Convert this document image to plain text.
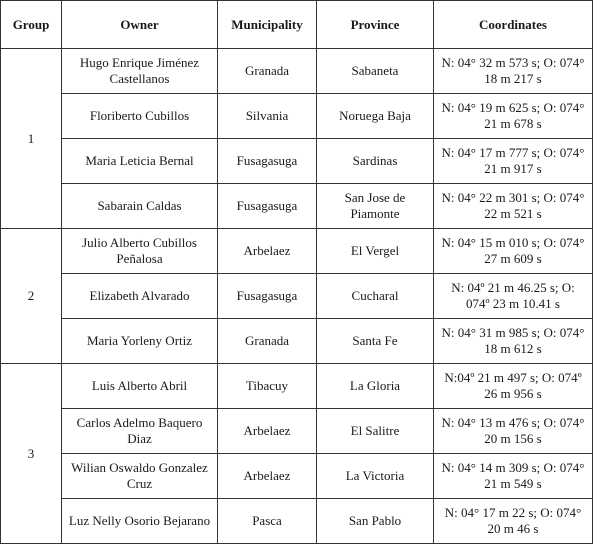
Group	Owner	Municipality	Province	Coordinates
1	Hugo Enrique Jiménez Castellanos	Granada	Sabaneta	N: 04° 32 m 573 s; O: 074° 18 m 217 s
	Floriberto Cubillos	Silvania	Noruega Baja	N: 04° 19 m 625 s; O: 074° 21 m 678 s
	Maria Leticia Bernal	Fusagasuga	Sardinas	N: 04° 17 m 777 s; O: 074° 21 m 917 s
	Sabarain Caldas	Fusagasuga	San Jose de Piamonte	N: 04° 22 m 301 s; O: 074° 22 m 521 s
2	Julio Alberto Cubillos Peñalosa	Arbelaez	El Vergel	N: 04° 15 m 010 s; O: 074° 27 m 609 s
	Elizabeth Alvarado	Fusagasuga	Cucharal	N: 04º 21 m 46.25 s; O: 074º 23 m 10.41 s
	Maria Yorleny Ortiz	Granada	Santa Fe	N: 04° 31 m 985 s; O: 074° 18 m 612 s
3	Luis Alberto Abril	Tibacuy	La Gloria	N:04º 21 m 497 s; O: 074º 26 m 956 s
	Carlos Adelmo Baquero Diaz	Arbelaez	El Salitre	N: 04° 13 m 476 s; O: 074° 20 m 156 s
	Wilian Oswaldo Gonzalez Cruz	Arbelaez	La Victoria	N: 04° 14 m 309 s; O: 074° 21 m 549 s
	Luz Nelly Osorio Bejarano	Pasca	San Pablo	N: 04° 17 m 22 s; O: 074° 20 m 46 s
